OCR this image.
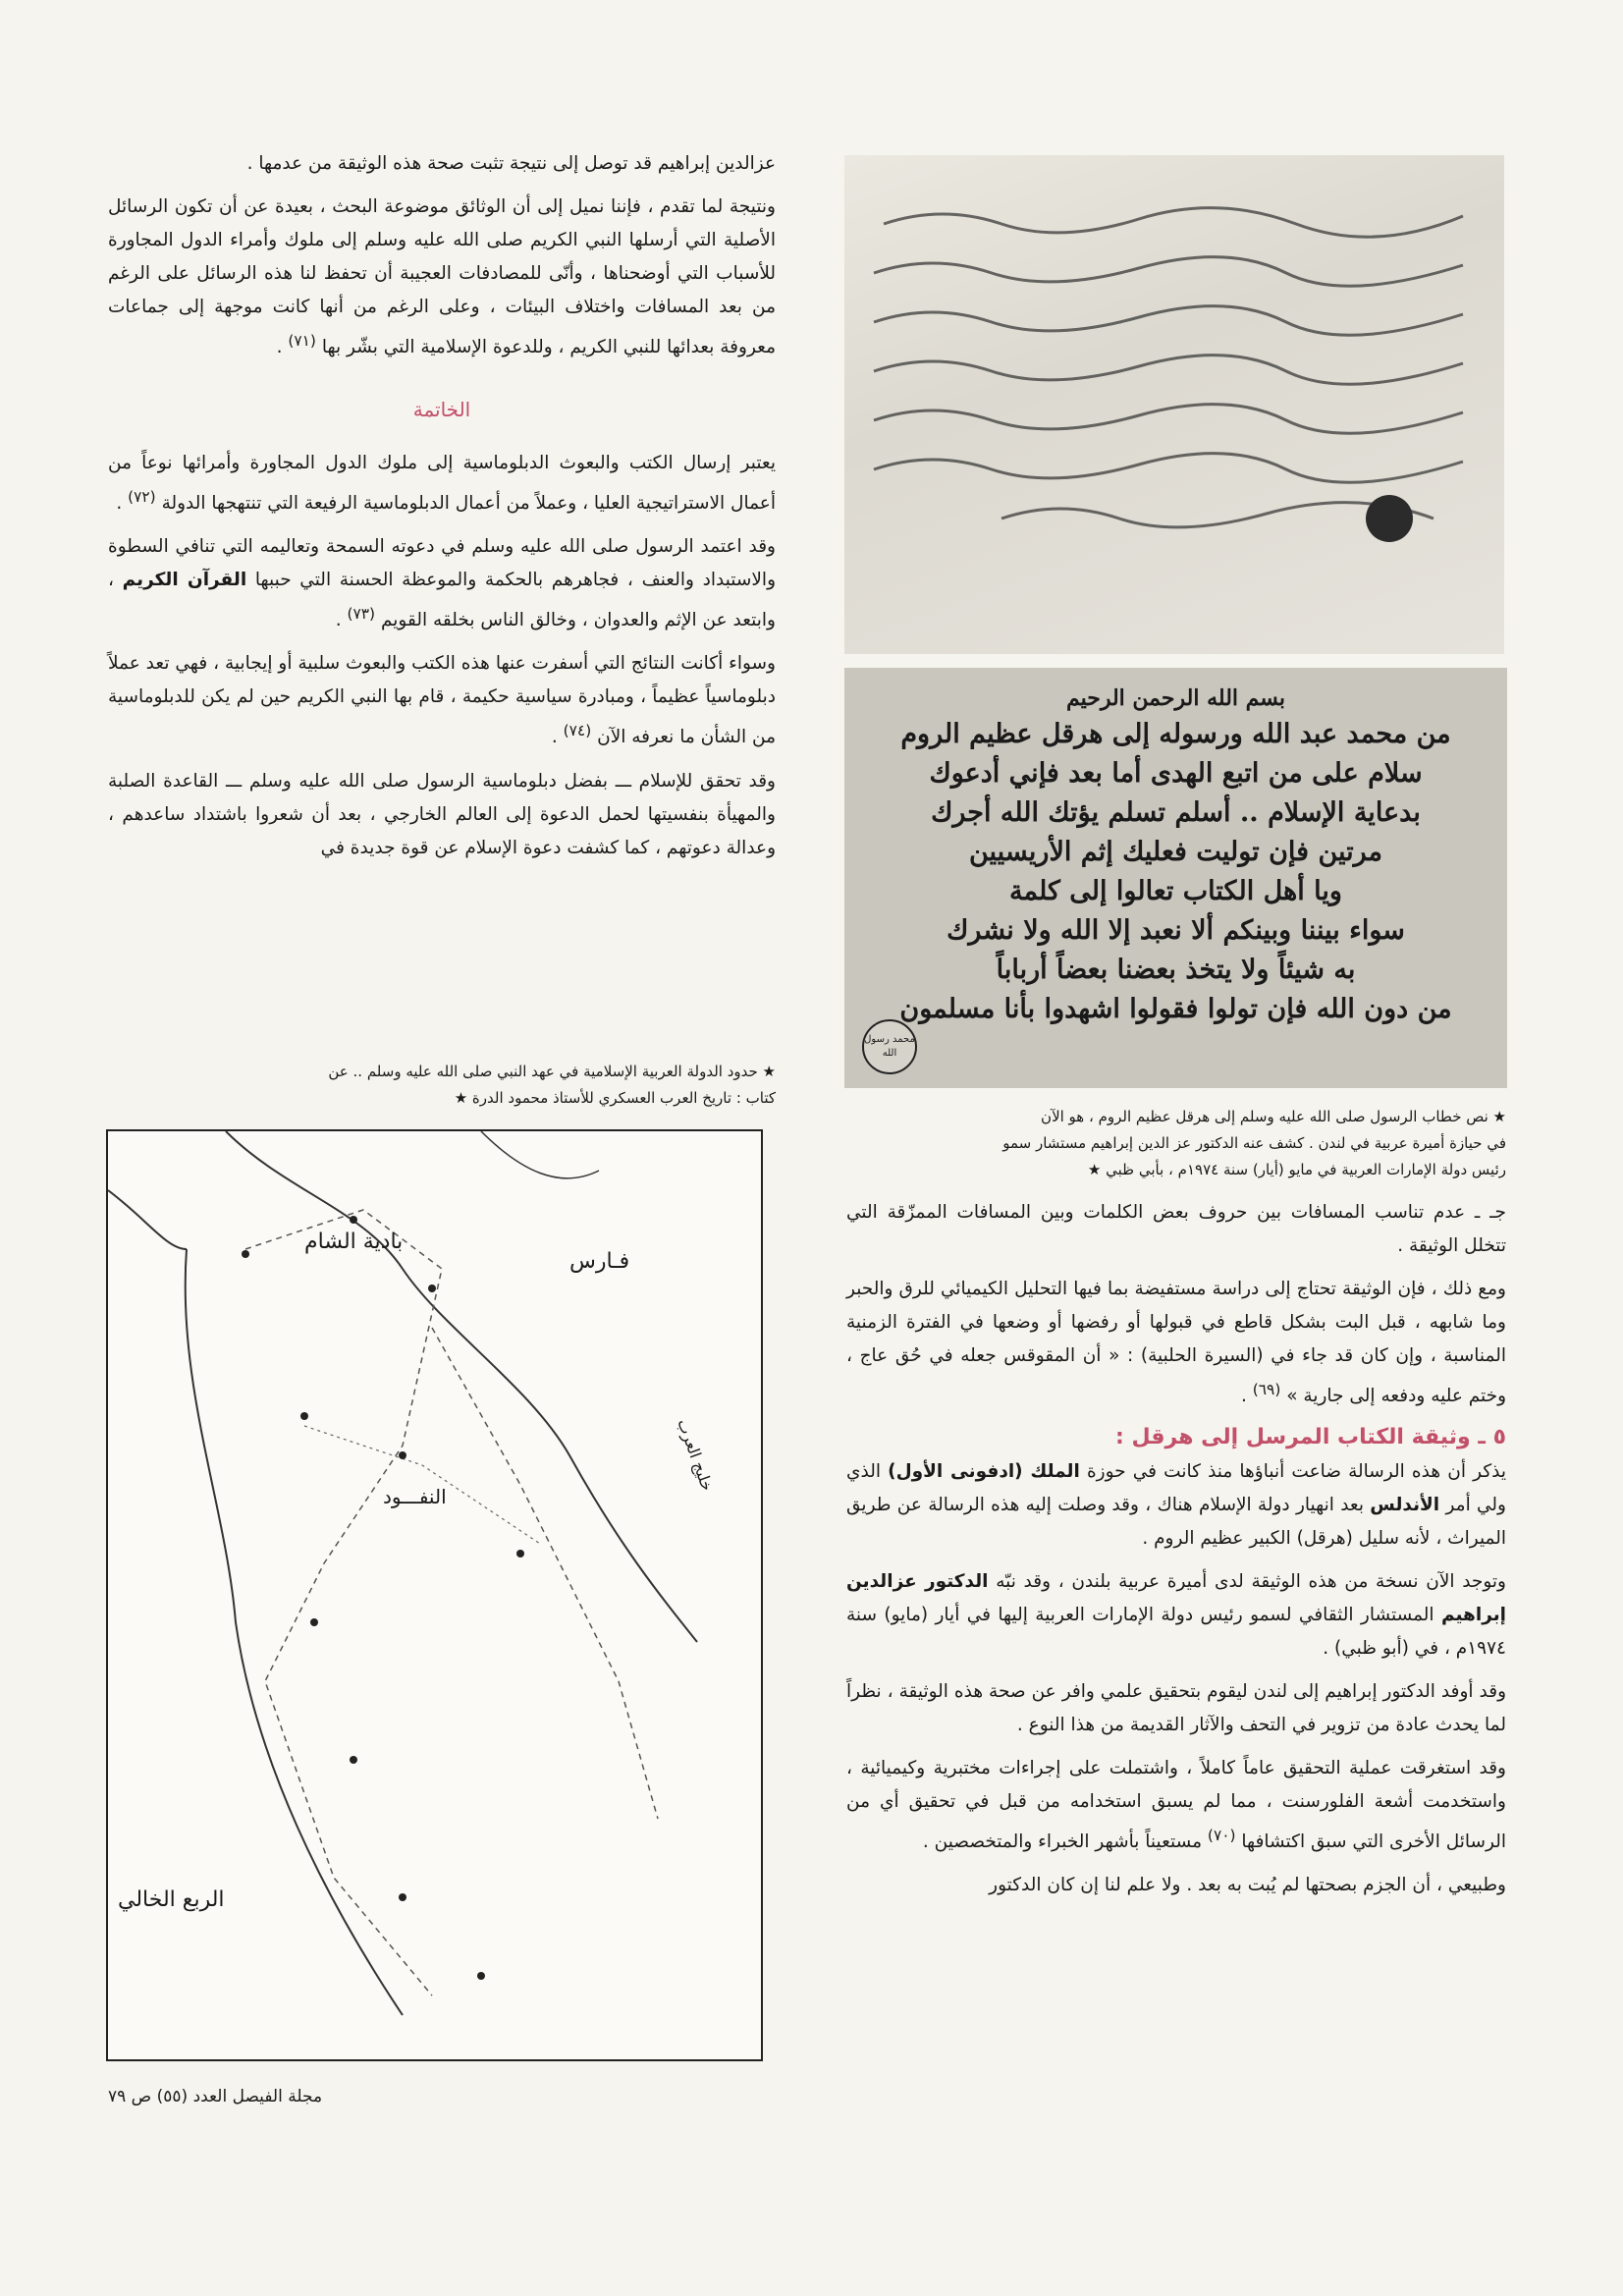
عزالدين إبراهيم قد توصل إلى نتيجة تثبت صحة هذه الوثيقة من عدمها .

ونتيجة لما تقدم ، فإننا نميل إلى أن الوثائق موضوعة البحث ، بعيدة عن أن تكون الرسائل الأصلية التي أرسلها النبي الكريم صلى الله عليه وسلم إلى ملوك وأمراء الدول المجاورة للأسباب التي أوضحناها ، وأنّى للمصادفات العجيبة أن تحفظ لنا هذه الرسائل على الرغم من بعد المسافات واختلاف البيئات ، وعلى الرغم من أنها كانت موجهة إلى جماعات معروفة بعدائها للنبي الكريم ، وللدعوة الإسلامية التي بشّر بها $^{(٧١)}$ .

الخاتمة

يعتبر إرسال الكتب والبعوث الدبلوماسية إلى ملوك الدول المجاورة وأمرائها نوعاً من أعمال الاستراتيجية العليا ، وعملاً من أعمال الدبلوماسية الرفيعة التي تنتهجها الدولة $^{(٧٢)}$ .

وقد اعتمد الرسول صلى الله عليه وسلم في دعوته السمحة وتعاليمه التي تنافي السطوة والاستبداد والعنف ، فجاهرهم بالحكمة والموعظة الحسنة التي حببها القرآن الكريم ، وابتعد عن الإثم والعدوان ، وخالق الناس بخلقه القويم $^{(٧٣)}$ .

وسواء أكانت النتائج التي أسفرت عنها هذه الكتب والبعوث سلبية أو إيجابية ، فهي تعد عملاً دبلوماسياً عظيماً ، ومبادرة سياسية حكيمة ، قام بها النبي الكريم حين لم يكن للدبلوماسية من الشأن ما نعرفه الآن $^{(٧٤)}$ .

وقد تحقق للإسلام ـــ بفضل دبلوماسية الرسول صلى الله عليه وسلم ـــ القاعدة الصلبة والمهيأة بنفسيتها لحمل الدعوة إلى العالم الخارجي ، بعد أن شعروا باشتداد ساعدهم ، وعدالة دعوتهم ، كما كشفت دعوة الإسلام عن قوة جديدة في

★ حدود الدولة العربية الإسلامية في عهد النبي صلى الله عليه وسلم .. عن
كتاب : تاريخ العرب العسكري للأستاذ محمود الدرة ★
بادية الشام
النفـــود
الربع الخالي
فـارس
خليج العرب
بسم الله الرحمن الرحيم
من محمد عبد الله ورسوله إلى هرقل عظيم الروم
سلام على من اتبع الهدى أما بعد فإني أدعوك
بدعاية الإسلام .. أسلم تسلم يؤتك الله أجرك
مرتين فإن توليت فعليك إثم الأريسيين
ويا أهل الكتاب تعالوا إلى كلمة
سواء بيننا وبينكم ألا نعبد إلا الله ولا نشرك
به شيئاً ولا يتخذ بعضنا بعضاً أرباباً
من دون الله فإن تولوا فقولوا اشهدوا بأنا مسلمون
محمد رسول الله
★ نص خطاب الرسول صلى الله عليه وسلم إلى هرقل عظيم الروم ، هو الآن
في حيازة أميرة عربية في لندن . كشف عنه الدكتور عز الدين إبراهيم مستشار سمو
رئيس دولة الإمارات العربية في مايو (أيار) سنة ١٩٧٤م ، بأبي ظبي ★

جـ ـ عدم تناسب المسافات بين حروف بعض الكلمات وبين المسافات الممزّقة التي تتخلل الوثيقة .

ومع ذلك ، فإن الوثيقة تحتاج إلى دراسة مستفيضة بما فيها التحليل الكيميائي للرق والحبر وما شابهه ، قبل البت بشكل قاطع في قبولها أو رفضها أو وضعها في الفترة الزمنية المناسبة ، وإن كان قد جاء في (السيرة الحلبية) : « أن المقوقس جعله في حُق عاج ، وختم عليه ودفعه إلى جارية » $^{(٦٩)}$ .

٥ ـ وثيقة الكتاب المرسل إلى هرقل :

يذكر أن هذه الرسالة ضاعت أنباؤها منذ كانت في حوزة الملك (ادفونى الأول) الذي ولي أمر الأندلس بعد انهيار دولة الإسلام هناك ، وقد وصلت إليه هذه الرسالة عن طريق الميراث ، لأنه سليل (هرقل) الكبير عظيم الروم .

وتوجد الآن نسخة من هذه الوثيقة لدى أميرة عربية بلندن ، وقد نبّه الدكتور عزالدين إبراهيم المستشار الثقافي لسمو رئيس دولة الإمارات العربية إليها في أيار (مايو) سنة ١٩٧٤م ، في (أبو ظبي) .

وقد أوفد الدكتور إبراهيم إلى لندن ليقوم بتحقيق علمي وافر عن صحة هذه الوثيقة ، نظراً لما يحدث عادة من تزوير في التحف والآثار القديمة من هذا النوع .

وقد استغرقت عملية التحقيق عاماً كاملاً ، واشتملت على إجراءات مختبرية وكيميائية ، واستخدمت أشعة الفلورسنت ، مما لم يسبق استخدامه من قبل في تحقيق أي من الرسائل الأخرى التي سبق اكتشافها $^{(٧٠)}$ مستعيناً بأشهر الخبراء والمتخصصين .

وطبيعي ، أن الجزم بصحتها لم يُبت به بعد . ولا علم لنا إن كان الدكتور

مجلة الفيصل العدد (٥٥) ص ٧٩
